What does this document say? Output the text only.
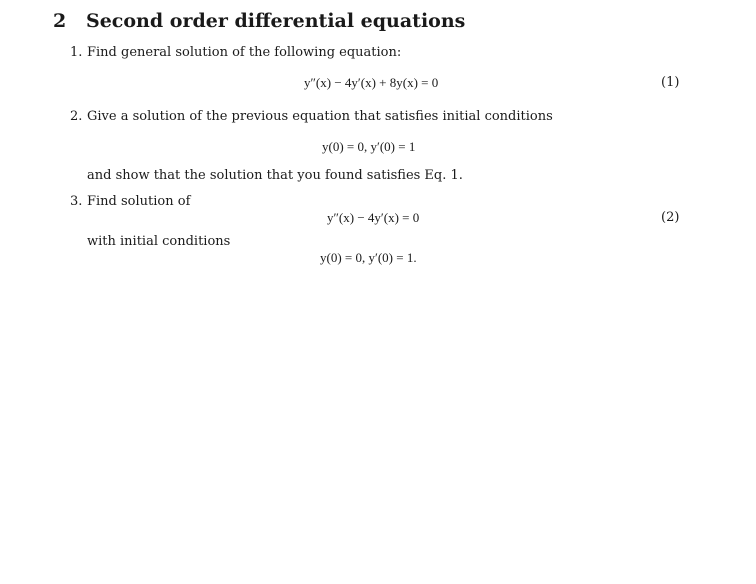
2 Second order differential equations
1. Find general solution of the following equation:
y″(x) − 4y′(x) + 8y(x) = 0	(1)
2. Give a solution of the previous equation that satisfies initial conditions
y(0) = 0, y′(0) = 1
and show that the solution that you found satisfies Eq. 1.
3. Find solution of
y″(x) − 4y′(x) = 0	(2)
with initial conditions
y(0) = 0, y′(0) = 1.
